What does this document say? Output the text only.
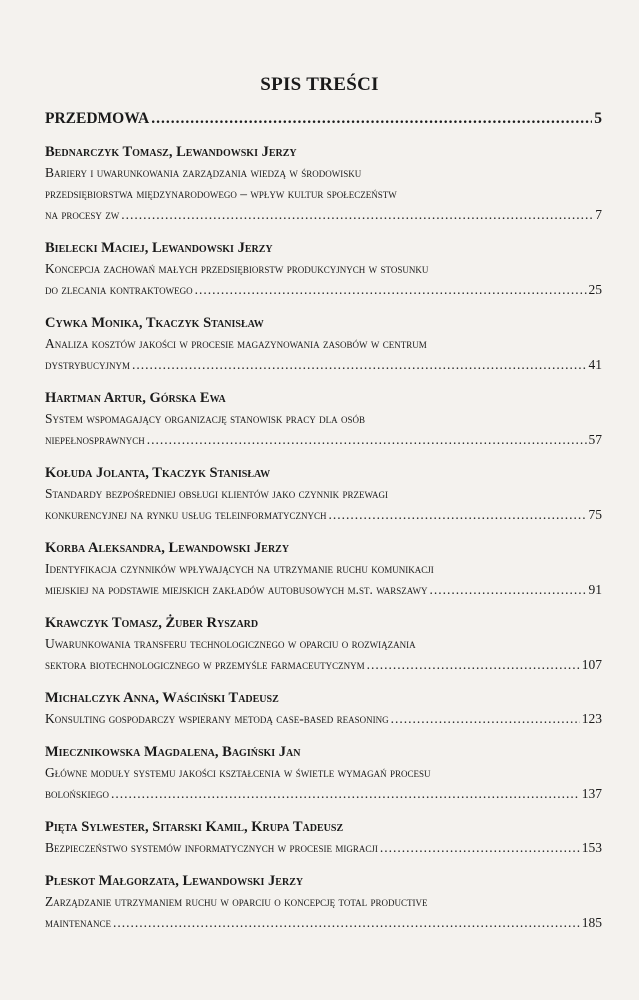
SPIS TREŚCI
PRZEDMOWA .....	5
Bednarczyk Tomasz, Lewandowski Jerzy
Bariery i uwarunkowania zarządzania wiedzą w środowisku
przedsiębiorstwa międzynarodowego – wpływ kultur społeczeństw
na procesy zw .....	7
Bielecki Maciej, Lewandowski Jerzy
Koncepcja zachowań małych przedsiębiorstw produkcyjnych w stosunku
do zlecania kontraktowego .....	25
Cywka Monika, Tkaczyk Stanisław
Analiza kosztów jakości w procesie magazynowania zasobów w centrum
dystrybucyjnym .....	41
Hartman Artur, Górska Ewa
System wspomagający organizację stanowisk pracy dla osób
niepełnosprawnych .....	57
Kołuda Jolanta, Tkaczyk Stanisław
Standardy bezpośredniej obsługi klientów jako czynnik przewagi
konkurencyjnej na rynku usług teleinformatycznych .....	75
Korba Aleksandra, Lewandowski Jerzy
Identyfikacja czynników wpływających na utrzymanie ruchu komunikacji
miejskiej na podstawie miejskich zakładów autobusowych m.st. warszawy .....	91
Krawczyk Tomasz, Żuber Ryszard
Uwarunkowania transferu technologicznego w oparciu o rozwiązania
sektora biotechnologicznego w przemyśle farmaceutycznym .....	107
Michalczyk Anna, Waściński Tadeusz
Konsulting gospodarczy wspierany metodą case-based reasoning .....	123
Miecznikowska Magdalena, Bagiński Jan
Główne moduły systemu jakości kształcenia w świetle wymagań procesu
bolońskiego .....	137
Pięta Sylwester, Sitarski Kamil, Krupa Tadeusz
Bezpieczeństwo systemów informatycznych w procesie migracji .....	153
Pleskot Małgorzata, Lewandowski Jerzy
Zarządzanie utrzymaniem ruchu w oparciu o koncepcję total productive
maintenance .....	185
